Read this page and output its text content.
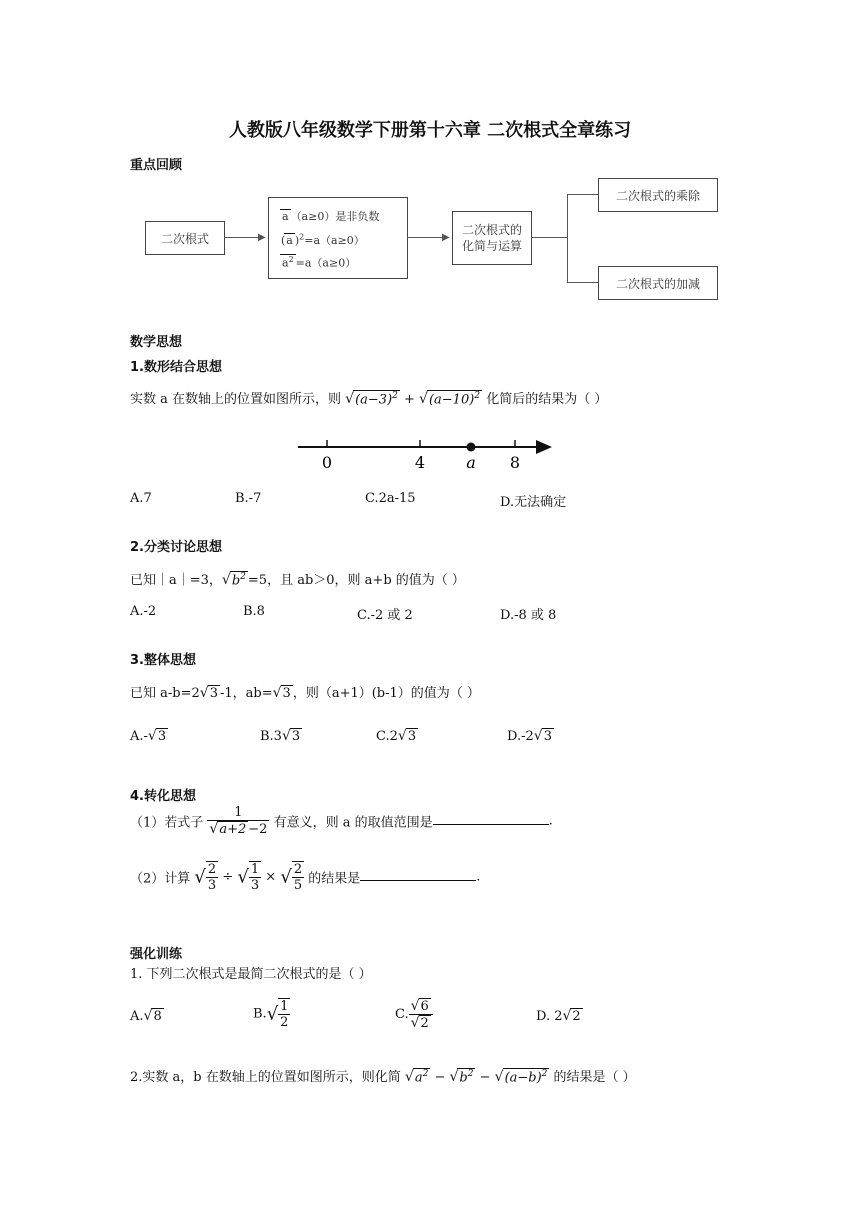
人教版八年级数学下册第十六章 二次根式全章练习
重点回顾
二次根式	▶
a （a≥0）是非负数
(a )$^2$=a（a≥0）
$a^2 =a(a\ge 0)$
▶
二次根式的
化简与运算
二次根式的乘除
二次根式的加减
数学思想
1.数形结合思想
实数 a 在数轴上的位置如图所示，则 $√(a-3)^2 + √(a-10)^2$ 化简后的结果为（ ）
0	4	a 8
A.7	B.-7	C.2a-15	D.无法确定
2.分类讨论思想
已知｜a｜=3，$√b^2 =5$，且 ab＞0，则 a+b 的值为（ ）
A.-2	B.8	C.-2 或 2	D.-8 或 8
3.整体思想
已知 a-b=2√3 -1，ab=√3 ，则（a+1）(b-1）的值为（ ）
A.-√3	B.3√3	C.2√3	D.-2√3
4.转化思想
（1）若式子 $\frac{1}{√a+2 -2}$ 有意义，则 a 的取值范围是	.
（2）计算 √ $\frac{2}{3}$ ÷ √ $\frac{1}{3}$ × √ $\frac{2}{5}$ 的结果是	.
强化训练
1. 下列二次根式是最简二次根式的是（ ）
A.√8	$B.√ \frac{1}{2}$	C. $\frac{√6}{√2}$	D. 2√2
2.实数 a，b 在数轴上的位置如图所示，则化简 $√a^2 - √b^2 - √(a-b)^2$ 的结果是（ ）
